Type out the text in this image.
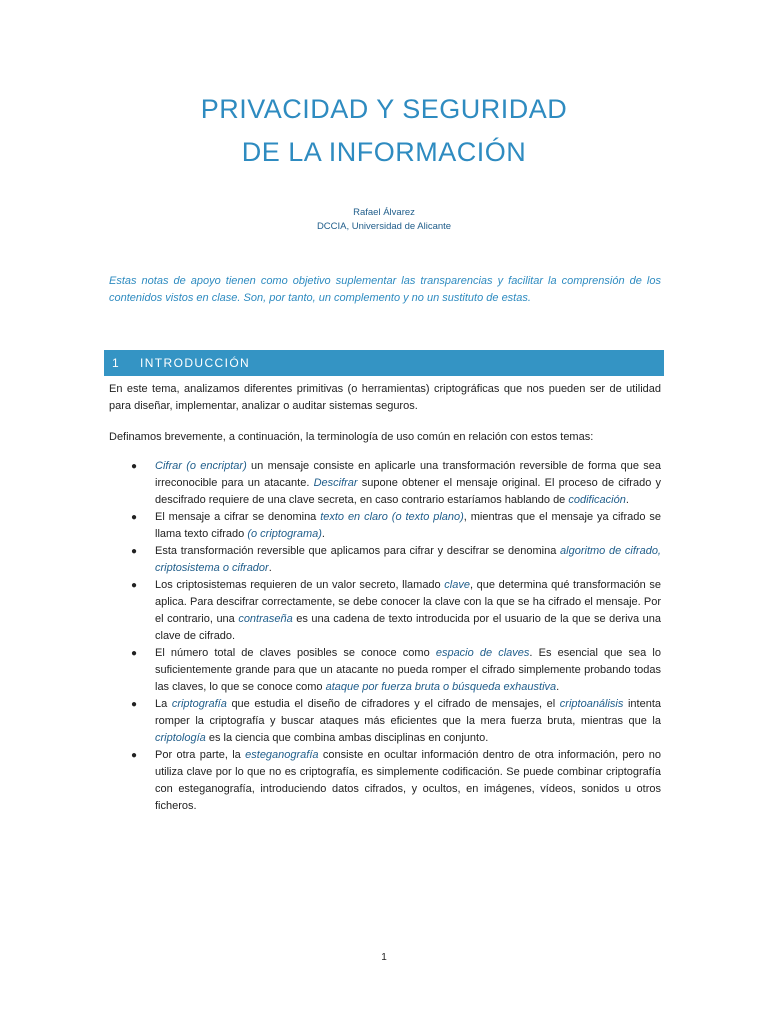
PRIVACIDAD Y SEGURIDAD
DE LA INFORMACIÓN
Rafael Álvarez
DCCIA, Universidad de Alicante
Estas notas de apoyo tienen como objetivo suplementar las transparencias y facilitar la comprensión de los contenidos vistos en clase. Son, por tanto, un complemento y no un sustituto de estas.
1	INTRODUCCIÓN
En este tema, analizamos diferentes primitivas (o herramientas) criptográficas que nos pueden ser de utilidad para diseñar, implementar, analizar o auditar sistemas seguros.
Definamos brevemente, a continuación, la terminología de uso común en relación con estos temas:
● Cifrar (o encriptar) un mensaje consiste en aplicarle una transformación reversible de forma que sea irreconocible para un atacante. Descifrar supone obtener el mensaje original. El proceso de cifrado y descifrado requiere de una clave secreta, en caso contrario estaríamos hablando de codificación.
● El mensaje a cifrar se denomina texto en claro (o texto plano), mientras que el mensaje ya cifrado se llama texto cifrado (o criptograma).
● Esta transformación reversible que aplicamos para cifrar y descifrar se denomina algoritmo de cifrado, criptosistema o cifrador.
● Los criptosistemas requieren de un valor secreto, llamado clave, que determina qué transformación se aplica. Para descifrar correctamente, se debe conocer la clave con la que se ha cifrado el mensaje. Por el contrario, una contraseña es una cadena de texto introducida por el usuario de la que se deriva una clave de cifrado.
● El número total de claves posibles se conoce como espacio de claves. Es esencial que sea lo suficientemente grande para que un atacante no pueda romper el cifrado simplemente probando todas las claves, lo que se conoce como ataque por fuerza bruta o búsqueda exhaustiva.
● La criptografía que estudia el diseño de cifradores y el cifrado de mensajes, el criptoanálisis intenta romper la criptografía y buscar ataques más eficientes que la mera fuerza bruta, mientras que la criptología es la ciencia que combina ambas disciplinas en conjunto.
● Por otra parte, la esteganografía consiste en ocultar información dentro de otra información, pero no utiliza clave por lo que no es criptografía, es simplemente codificación. Se puede combinar criptografía con esteganografía, introduciendo datos cifrados, y ocultos, en imágenes, vídeos, sonidos u otros ficheros.
1
